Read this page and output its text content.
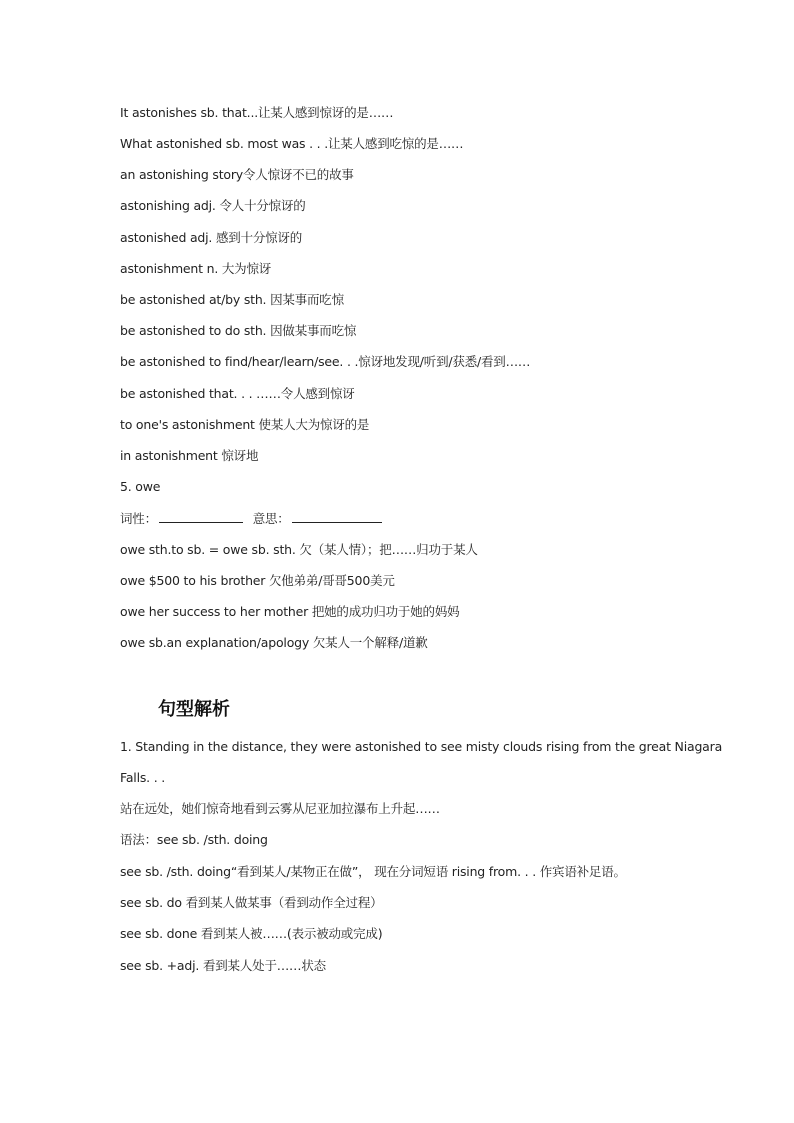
It astonishes sb. that...让某人感到惊讶的是……
What astonished sb. most was . . .让某人感到吃惊的是……
an astonishing story令人惊讶不已的故事
astonishing adj. 令人十分惊讶的
astonished adj. 感到十分惊讶的
astonishment n. 大为惊讶
be astonished at/by sth. 因某事而吃惊
be astonished to do sth. 因做某事而吃惊
be astonished to find/hear/learn/see. . .惊讶地发现/听到/获悉/看到……
be astonished that. . . ……令人感到惊讶
to one's astonishment 使某人大为惊讶的是
in astonishment 惊讶地
5. owe
词性：	意思：
owe sth.to sb. = owe sb. sth. 欠（某人情）；把……归功于某人
owe $500 to his brother 欠他弟弟/哥哥500美元
owe her success to her mother 把她的成功归功于她的妈妈
owe sb.an explanation/apology 欠某人一个解释/道歉
句型解析
1. Standing in the distance, they were astonished to see misty clouds rising from the great Niagara
Falls. . .
站在远处，她们惊奇地看到云雾从尼亚加拉瀑布上升起……
语法：see sb. /sth. doing
see sb. /sth. doing“看到某人/某物正在做”， 现在分词短语 rising from. . . 作宾语补足语。
see sb. do 看到某人做某事（看到动作全过程）
see sb. done 看到某人被……(表示被动或完成)
see sb. +adj. 看到某人处于……状态
